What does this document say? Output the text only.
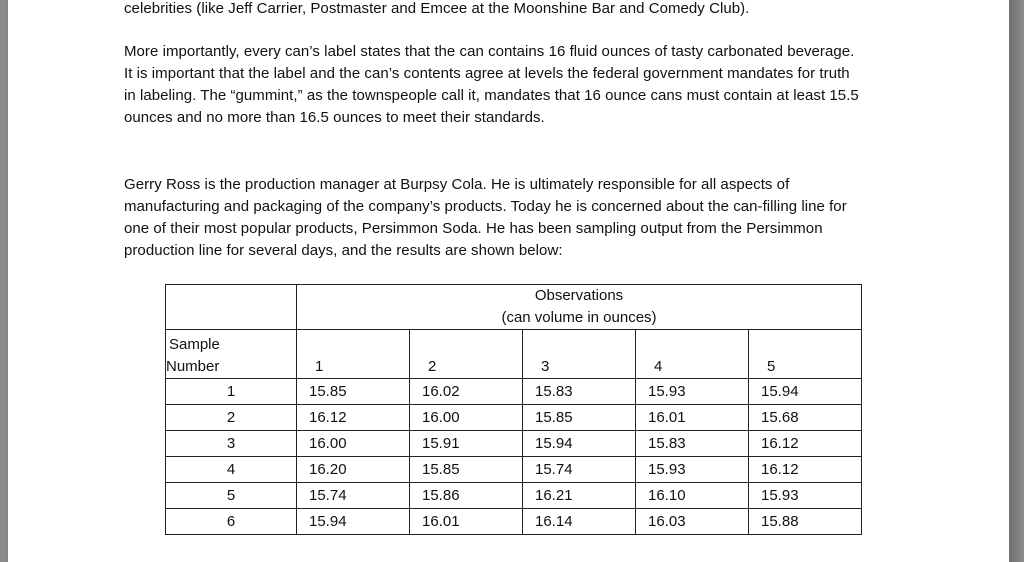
celebrities (like Jeff Carrier, Postmaster and Emcee at the Moonshine Bar and Comedy Club).

More importantly, every can’s label states that the can contains 16 fluid ounces of tasty carbonated beverage. It is important that the label and the can’s contents agree at levels the federal government mandates for truth in labeling. The “gummint,” as the townspeople call it, mandates that 16 ounce cans must contain at least 15.5 ounces and no more than 16.5 ounces to meet their standards.

Gerry Ross is the production manager at Burpsy Cola. He is ultimately responsible for all aspects of manufacturing and packaging of the company’s products. Today he is concerned about the can-filling line for one of their most popular products, Persimmon Soda. He has been sampling output from the Persimmon production line for several days, and the results are shown below:

	Observations
(can volume in ounces)				

Sample
Number	1	2	3	4	5

1	15.85	16.02	15.83	15.93	15.94

2	16.12	16.00	15.85	16.01	15.68

3	16.00	15.91	15.94	15.83	16.12

4	16.20	15.85	15.74	15.93	16.12

5	15.74	15.86	16.21	16.10	15.93

6	15.94	16.01	16.14	16.03	15.88
